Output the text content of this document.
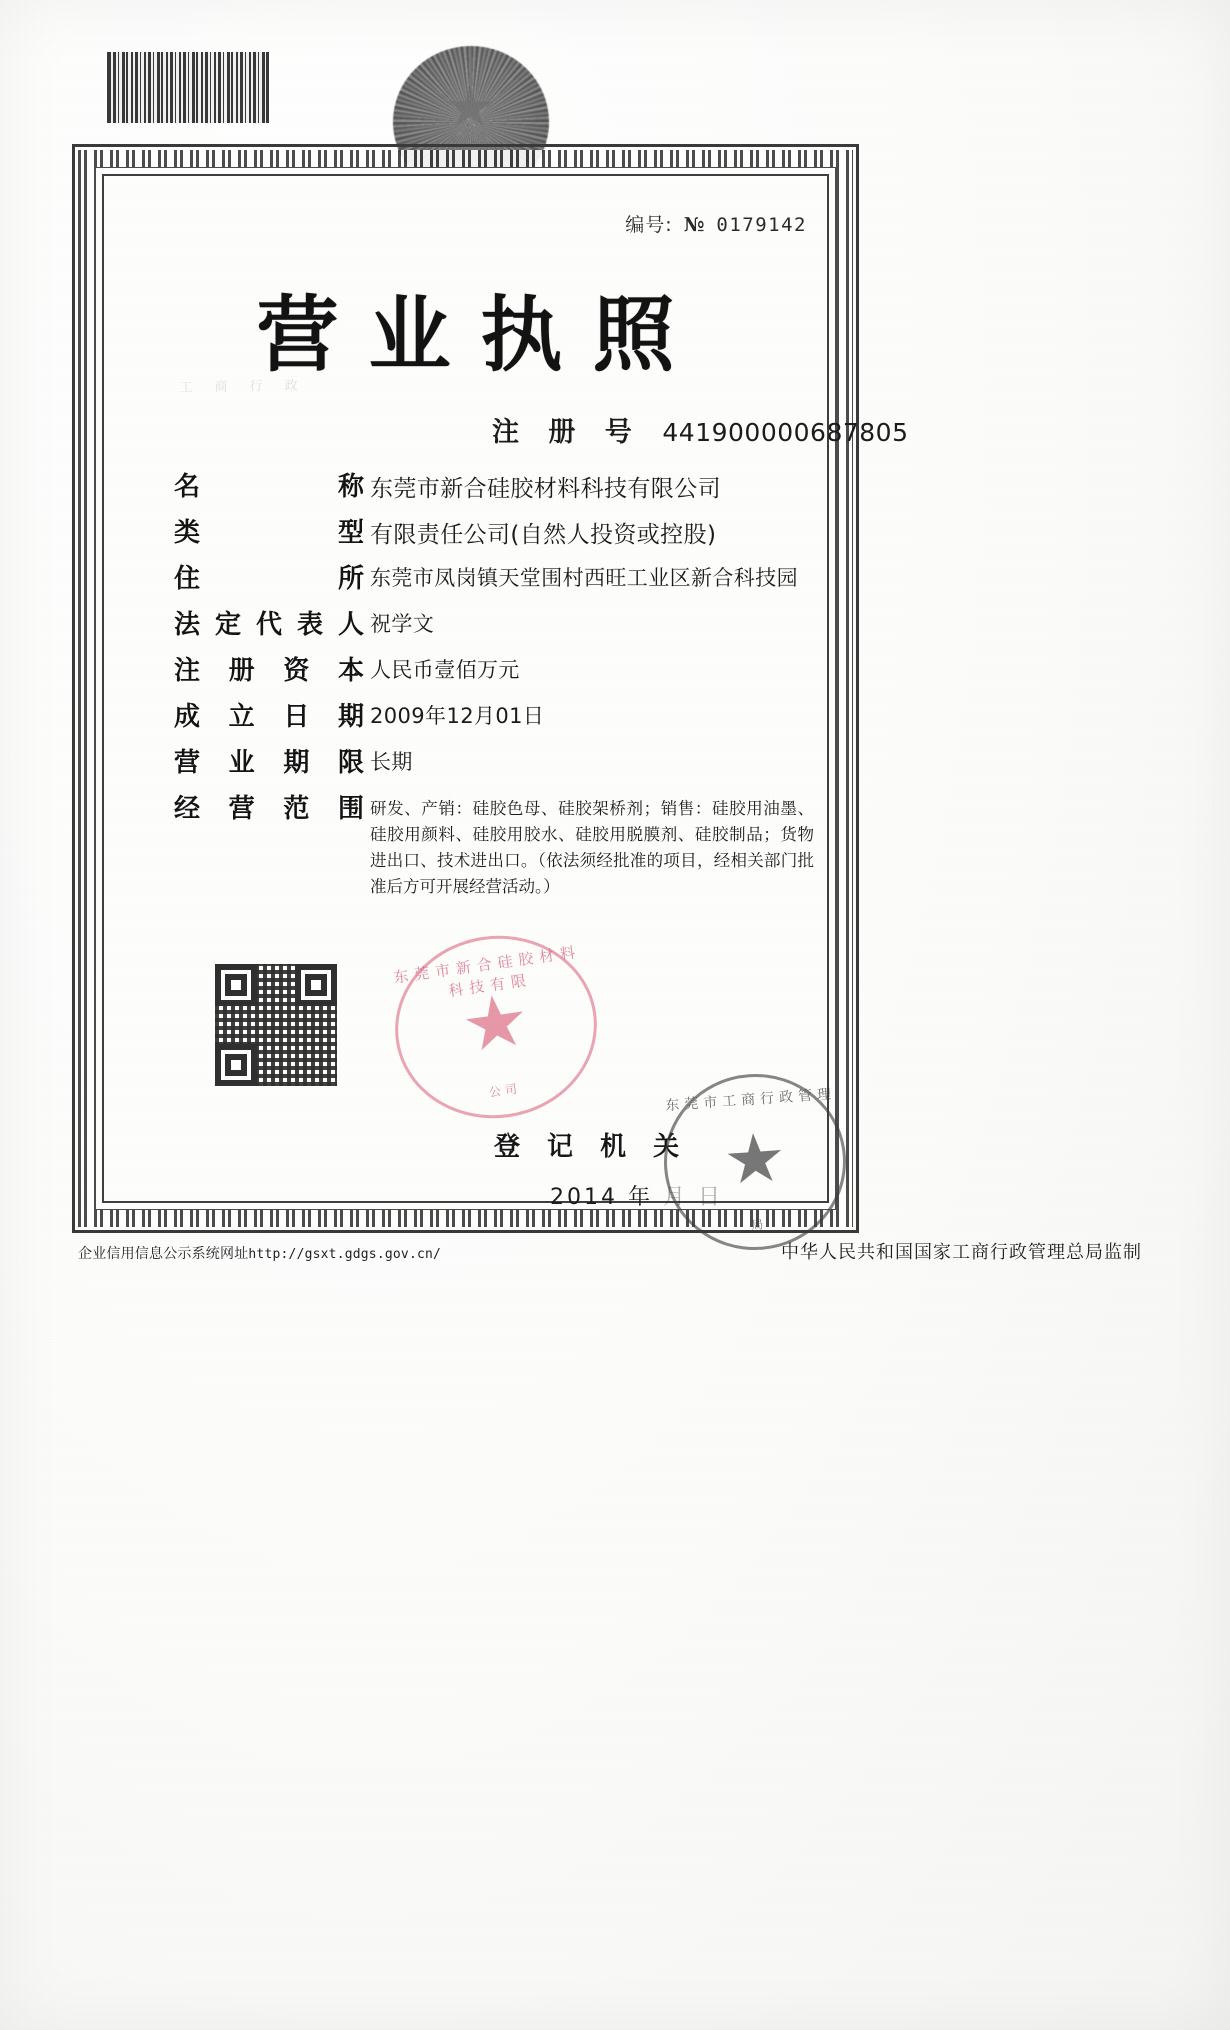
工商行政
编号: № 0179142
营业执照
注 册 号 441900000687805
名	称 东莞市新合硅胶材料科技有限公司
类	型 有限责任公司(自然人投资或控股)
住	所 东莞市凤岗镇天堂围村西旺工业区新合科技园
法 定 代 表 人 祝学文
注 册 资 本 人民币壹佰万元
成 立 日 期 2009年12月01日
营 业 期 限 长期
经 营 范 围 研发、产销：硅胶色母、硅胶架桥剂；销售：硅胶用油墨、硅胶用颜料、硅胶用胶水、硅胶用脱膜剂、硅胶制品；货物进出口、技术进出口。（依法须经批准的项目，经相关部门批准后方可开展经营活动。）
东莞市新合硅胶材料科技有限
公司
登 记 机 关
2014 年 月 日
东莞市工商行政管理
局
企业信用信息公示系统网址http://gsxt.gdgs.gov.cn/	中华人民共和国国家工商行政管理总局监制
